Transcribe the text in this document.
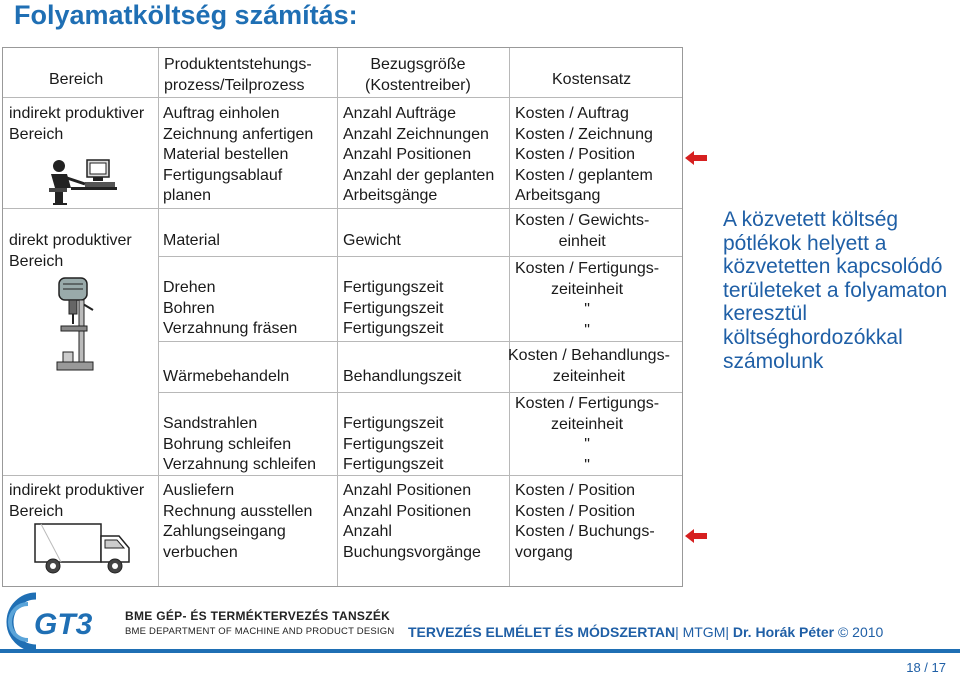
Folyamatköltség számítás:
Bereich
Produktentstehungs-
prozess/Teilprozess
Bezugsgröße
(Kostentreiber)	Kostensatz
indirekt produktiver
Bereich
direkt produktiver
Bereich
indirekt produktiver
Bereich
Auftrag einholen
Zeichnung anfertigen
Material bestellen
Fertigungsablauf
planen
Material
Drehen
Bohren
Verzahnung fräsen
Wärmebehandeln
Sandstrahlen
Bohrung schleifen
Verzahnung schleifen
Ausliefern
Rechnung ausstellen
Zahlungseingang
verbuchen
Anzahl Aufträge
Anzahl Zeichnungen
Anzahl Positionen
Anzahl der geplanten
Arbeitsgänge
Gewicht
Fertigungszeit
Fertigungszeit
Fertigungszeit
Behandlungszeit
Fertigungszeit
Fertigungszeit
Fertigungszeit
Anzahl Positionen
Anzahl Positionen
Anzahl
Buchungsvorgänge
Kosten / Auftrag
Kosten / Zeichnung
Kosten / Position
Kosten / geplantem
Arbeitsgang
Kosten / Gewichts-
einheit
Kosten / Fertigungs-
zeiteinheit
"
"
Kosten / Behandlungs-
zeiteinheit
Kosten / Fertigungs-
zeiteinheit
"
"
Kosten / Position
Kosten / Position
Kosten / Buchungs-
vorgang
A közvetett költség pótlékok helyett a közvetetten kapcsolódó területeket a folyamaton keresztül költséghordozókkal számolunk
GT3	BME GÉP- ÉS TERMÉKTERVEZÉS TANSZÉK
BME DEPARTMENT OF MACHINE AND PRODUCT DESIGN TERVEZÉS ELMÉLET ÉS MÓDSZERTAN| MTGM| Dr. Horák Péter © 2010
18 / 17
